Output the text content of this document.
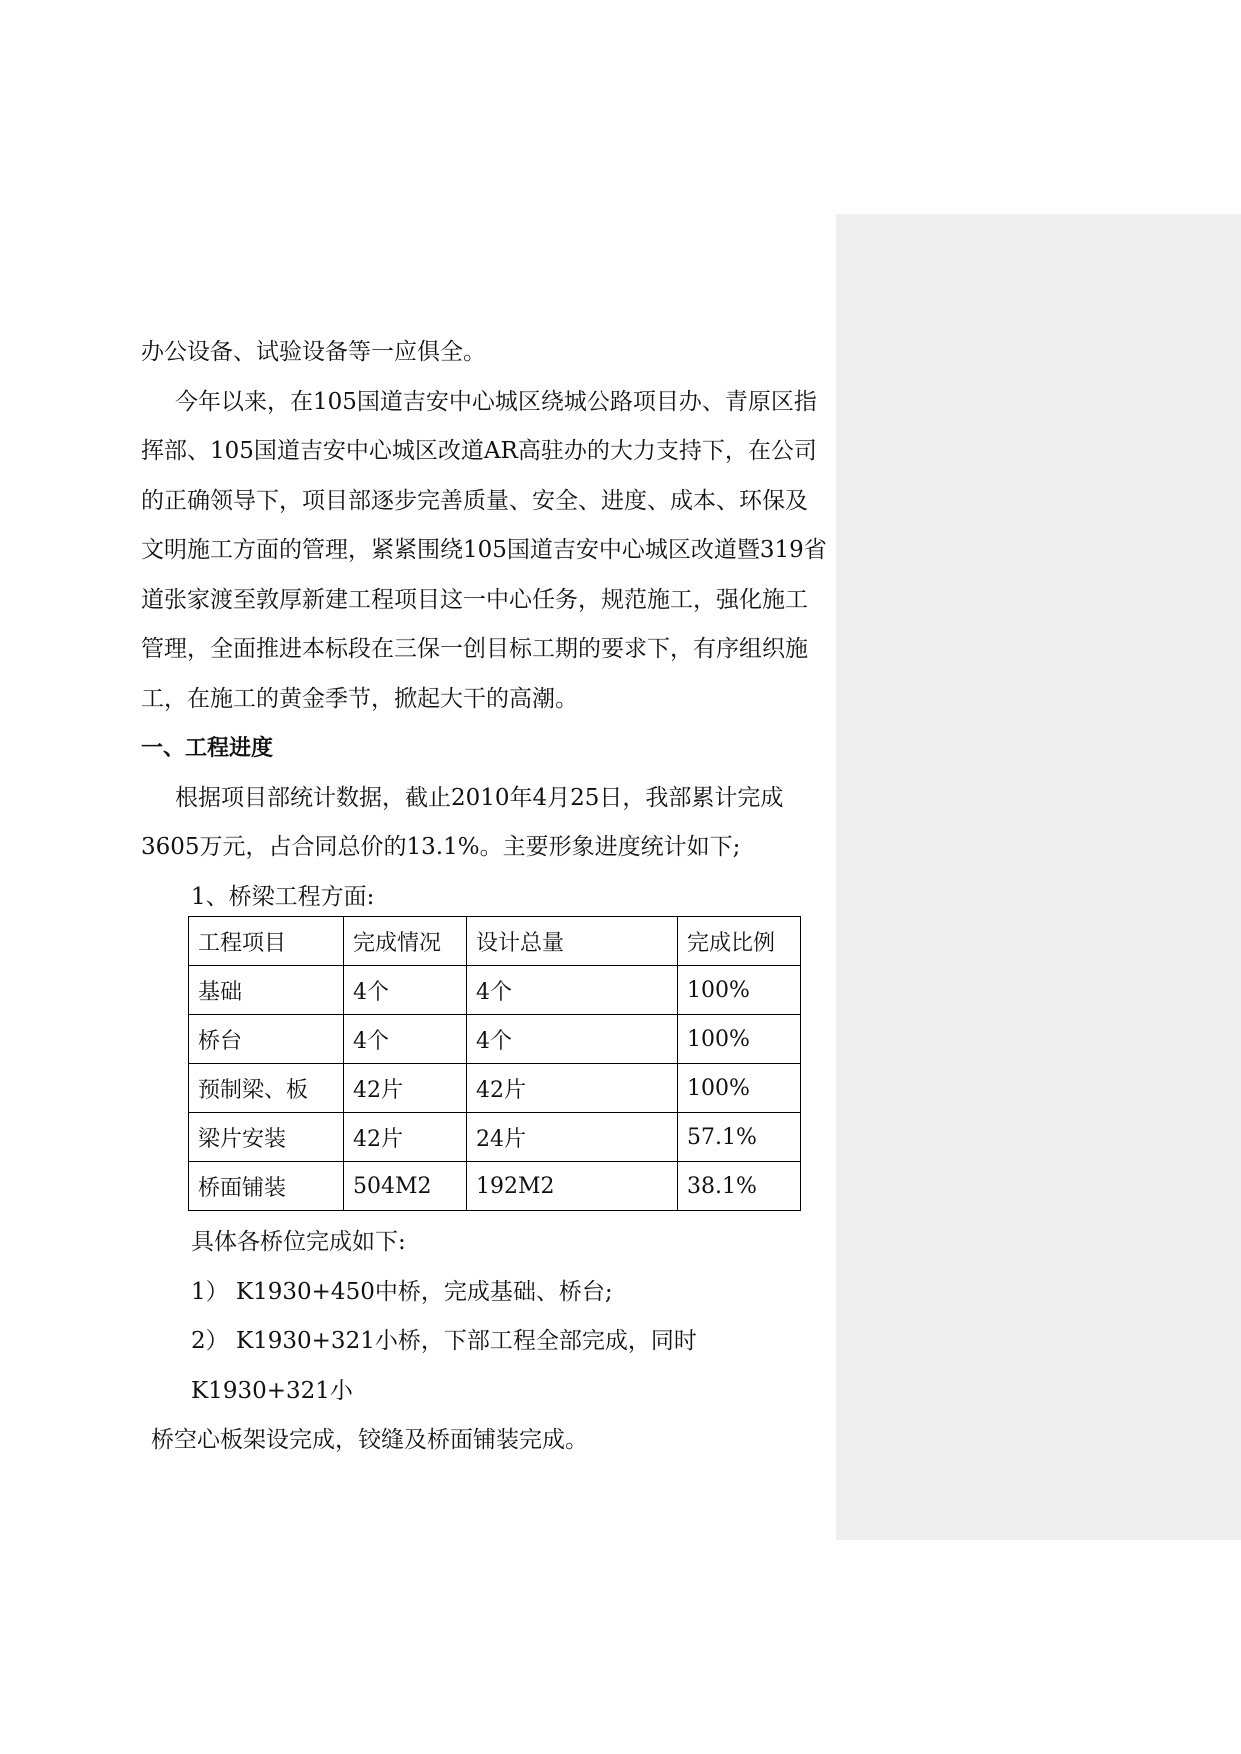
办公设备、试验设备等一应俱全。

今年以来，在105国道吉安中心城区绕城公路项目办、青原区指挥部、105国道吉安中心城区改道AR高驻办的大力支持下，在公司的正确领导下，项目部逐步完善质量、安全、进度、成本、环保及文明施工方面的管理，紧紧围绕105国道吉安中心城区改道暨319省道张家渡至敦厚新建工程项目这一中心任务，规范施工，强化施工管理，全面推进本标段在三保一创目标工期的要求下，有序组织施工，在施工的黄金季节，掀起大干的高潮。

一、工程进度

根据项目部统计数据，截止2010年4月25日，我部累计完成3605万元，占合同总价的13.1%。主要形象进度统计如下;

1、桥梁工程方面:

工程项目	完成情况	设计总量	完成比例
基础	4个	4个	100%
桥台	4个	4个	100%
预制梁、板	42片	42片	100%
梁片安装	42片	24片	57.1%
桥面铺装	504M2	192M2	38.1%

具体各桥位完成如下:

1） K1930+450中桥，完成基础、桥台;

2） K1930+321小桥，下部工程全部完成，同时K1930+321小

桥空心板架设完成，铰缝及桥面铺装完成。
